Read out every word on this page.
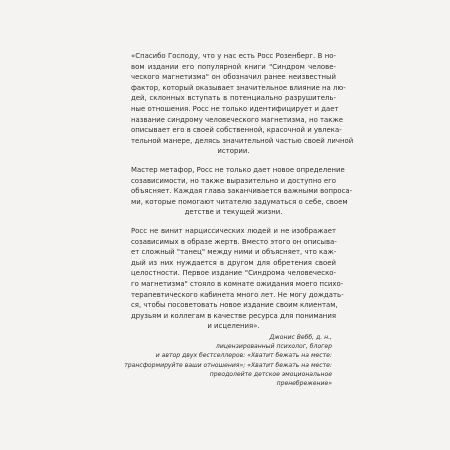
«Спасибо Господу, что у нас есть Росс Розенберг. В но-
вом издании его популярной книги "Синдром челове-
ческого магнетизма" он обозначил ранее неизвестный
фактор, который оказывает значительное влияние на лю-
дей, склонных вступать в потенциально разрушитель-
ные отношения. Росс не только идентифицирует и дает
название синдрому человеческого магнетизма, но также
описывает его в своей собственной, красочной и увлека-
тельной манере, делясь значительной частью своей личной
истории.
Мастер метафор, Росс не только дает новое определение
созависимости, но также выразительно и доступно его
объясняет. Каждая глава заканчивается важными вопроса-
ми, которые помогают читателю задуматься о себе, своем
детстве и текущей жизни.
Росс не винит нарциссических людей и не изображает
созависимых в образе жертв. Вместо этого он описыва-
ет сложный "танец" между ними и объясняет, что каж-
дый из них нуждается в другом для обретения своей
целостности. Первое издание "Синдрома человеческо-
го магнетизма" стояло в комнате ожидания моего психо-
терапевтического кабинета много лет. Не могу дождать-
ся, чтобы посоветовать новое издание своим клиентам,
друзьям и коллегам в качестве ресурса для понимания
и исцеления».
Джонис Вебб, д. н.,
лицензированный психолог, блогер
и автор двух бестселлеров: «Хватит бежать на месте:
трансформируйте ваши отношения»; «Хватит бежать на месте:
преодолейте детское эмоциональное
пренебрежение»
